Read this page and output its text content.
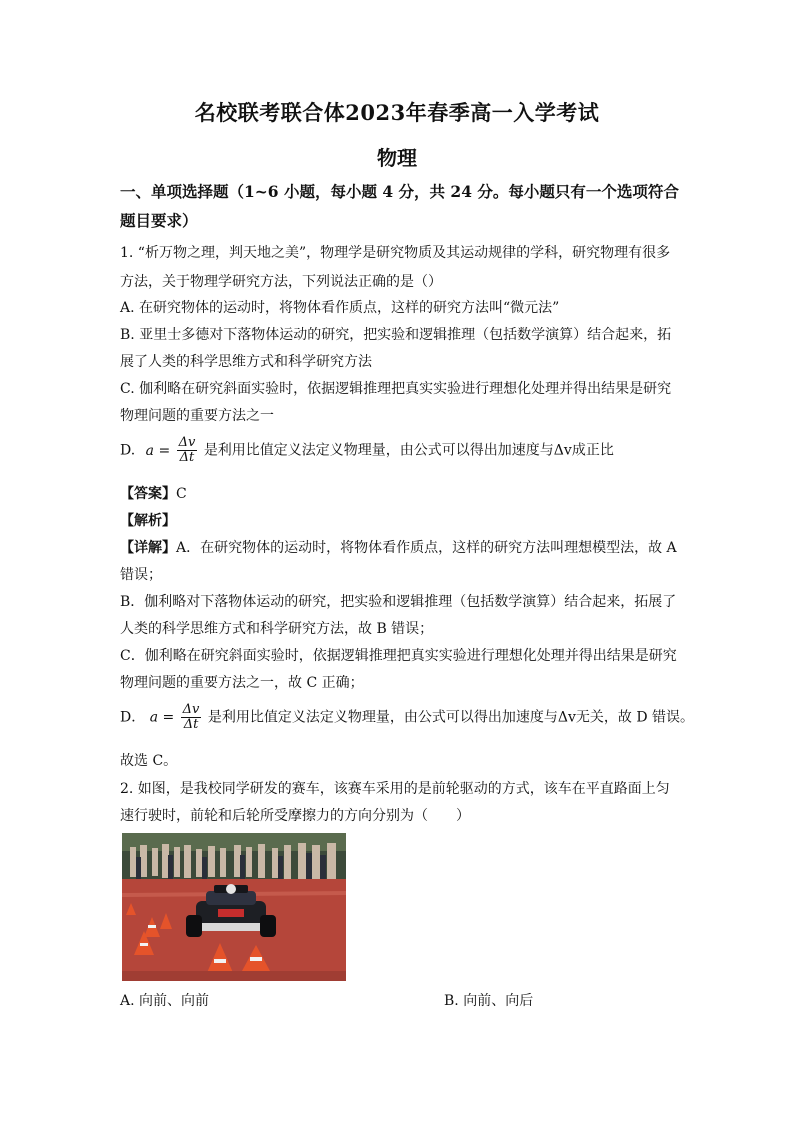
名校联考联合体2023年春季高一入学考试
物理
一、单项选择题（1~6 小题，每小题 4 分，共 24 分。每小题只有一个选项符合
题目要求）
1. “析万物之理，判天地之美”，物理学是研究物质及其运动规律的学科，研究物理有很多
方法，关于物理学研究方法，下列说法正确的是（）
A. 在研究物体的运动时，将物体看作质点，这样的研究方法叫“微元法”
B. 亚里士多德对下落物体运动的研究，把实验和逻辑推理（包括数学演算）结合起来，拓
展了人类的科学思维方式和科学研究方法
C. 伽利略在研究斜面实验时，依据逻辑推理把真实实验进行理想化处理并得出结果是研究
物理问题的重要方法之一
D. $a = \frac{\Delta v}{\Delta t}$ 是利用比值定义法定义物理量，由公式可以得出加速度与Δv成正比
【答案】C
【解析】
【详解】A．在研究物体的运动时，将物体看作质点，这样的研究方法叫理想模型法，故 A
错误；
B．伽利略对下落物体运动的研究，把实验和逻辑推理（包括数学演算）结合起来，拓展了
人类的科学思维方式和科学研究方法，故 B 错误；
C．伽利略在研究斜面实验时，依据逻辑推理把真实实验进行理想化处理并得出结果是研究
物理问题的重要方法之一，故 C 正确；
D． $a = \frac{\Delta v}{\Delta t}$ 是利用比值定义法定义物理量，由公式可以得出加速度与Δv无关，故 D 错误。
故选 C。
2. 如图，是我校同学研发的赛车，该赛车采用的是前轮驱动的方式，该车在平直路面上匀
速行驶时，前轮和后轮所受摩擦力的方向分别为（　　）
A. 向前、向前	B. 向前、向后
